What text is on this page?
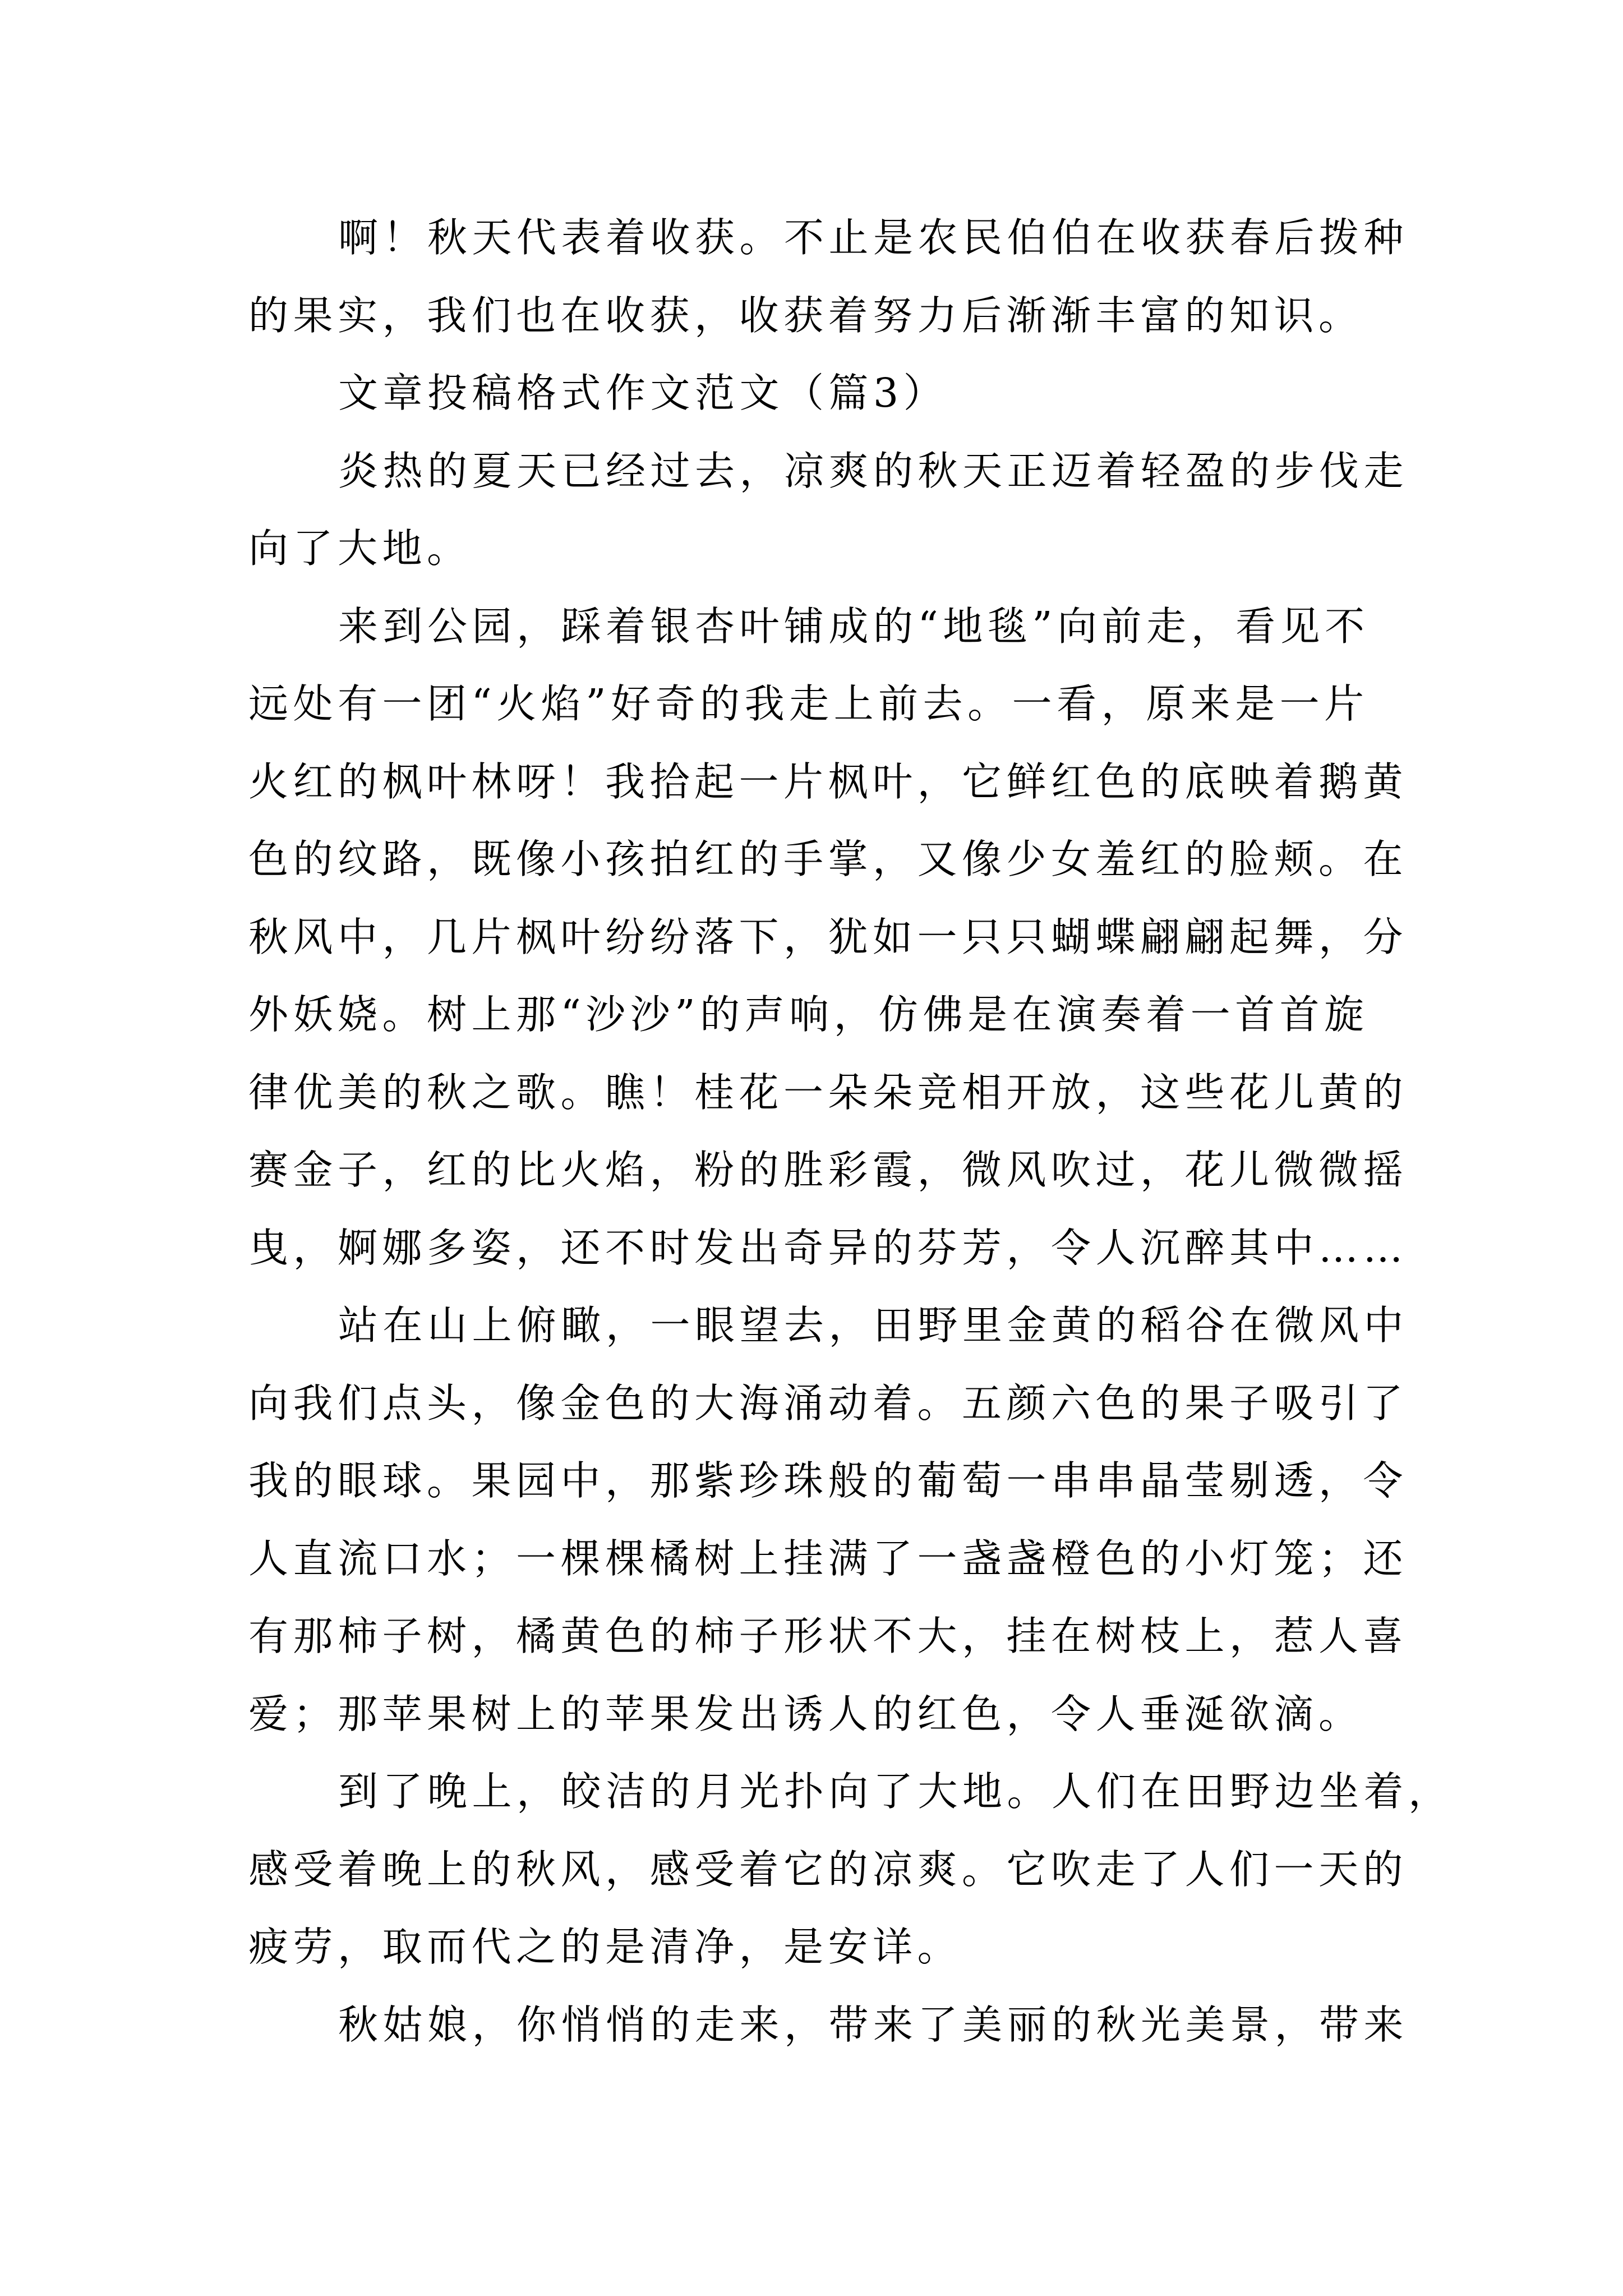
啊！秋天代表着收获。不止是农民伯伯在收获春后拨种
的果实，我们也在收获，收获着努力后渐渐丰富的知识。
文章投稿格式作文范文（篇3）
炎热的夏天已经过去，凉爽的秋天正迈着轻盈的步伐走
向了大地。
来到公园，踩着银杏叶铺成的“地毯”向前走，看见不
远处有一团“火焰”好奇的我走上前去。一看，原来是一片
火红的枫叶林呀！我拾起一片枫叶，它鲜红色的底映着鹅黄
色的纹路，既像小孩拍红的手掌，又像少女羞红的脸颊。在
秋风中，几片枫叶纷纷落下，犹如一只只蝴蝶翩翩起舞，分
外妖娆。树上那“沙沙”的声响，仿佛是在演奏着一首首旋
律优美的秋之歌。瞧！桂花一朵朵竞相开放，这些花儿黄的
赛金子，红的比火焰，粉的胜彩霞，微风吹过，花儿微微摇
曳，婀娜多姿，还不时发出奇异的芬芳，令人沉醉其中……
站在山上俯瞰，一眼望去，田野里金黄的稻谷在微风中
向我们点头，像金色的大海涌动着。五颜六色的果子吸引了
我的眼球。果园中，那紫珍珠般的葡萄一串串晶莹剔透，令
人直流口水；一棵棵橘树上挂满了一盏盏橙色的小灯笼；还
有那柿子树，橘黄色的柿子形状不大，挂在树枝上，惹人喜
爱；那苹果树上的苹果发出诱人的红色，令人垂涎欲滴。
到了晚上，皎洁的月光扑向了大地。人们在田野边坐着，
感受着晚上的秋风，感受着它的凉爽。它吹走了人们一天的
疲劳，取而代之的是清净，是安详。
秋姑娘，你悄悄的走来，带来了美丽的秋光美景，带来
